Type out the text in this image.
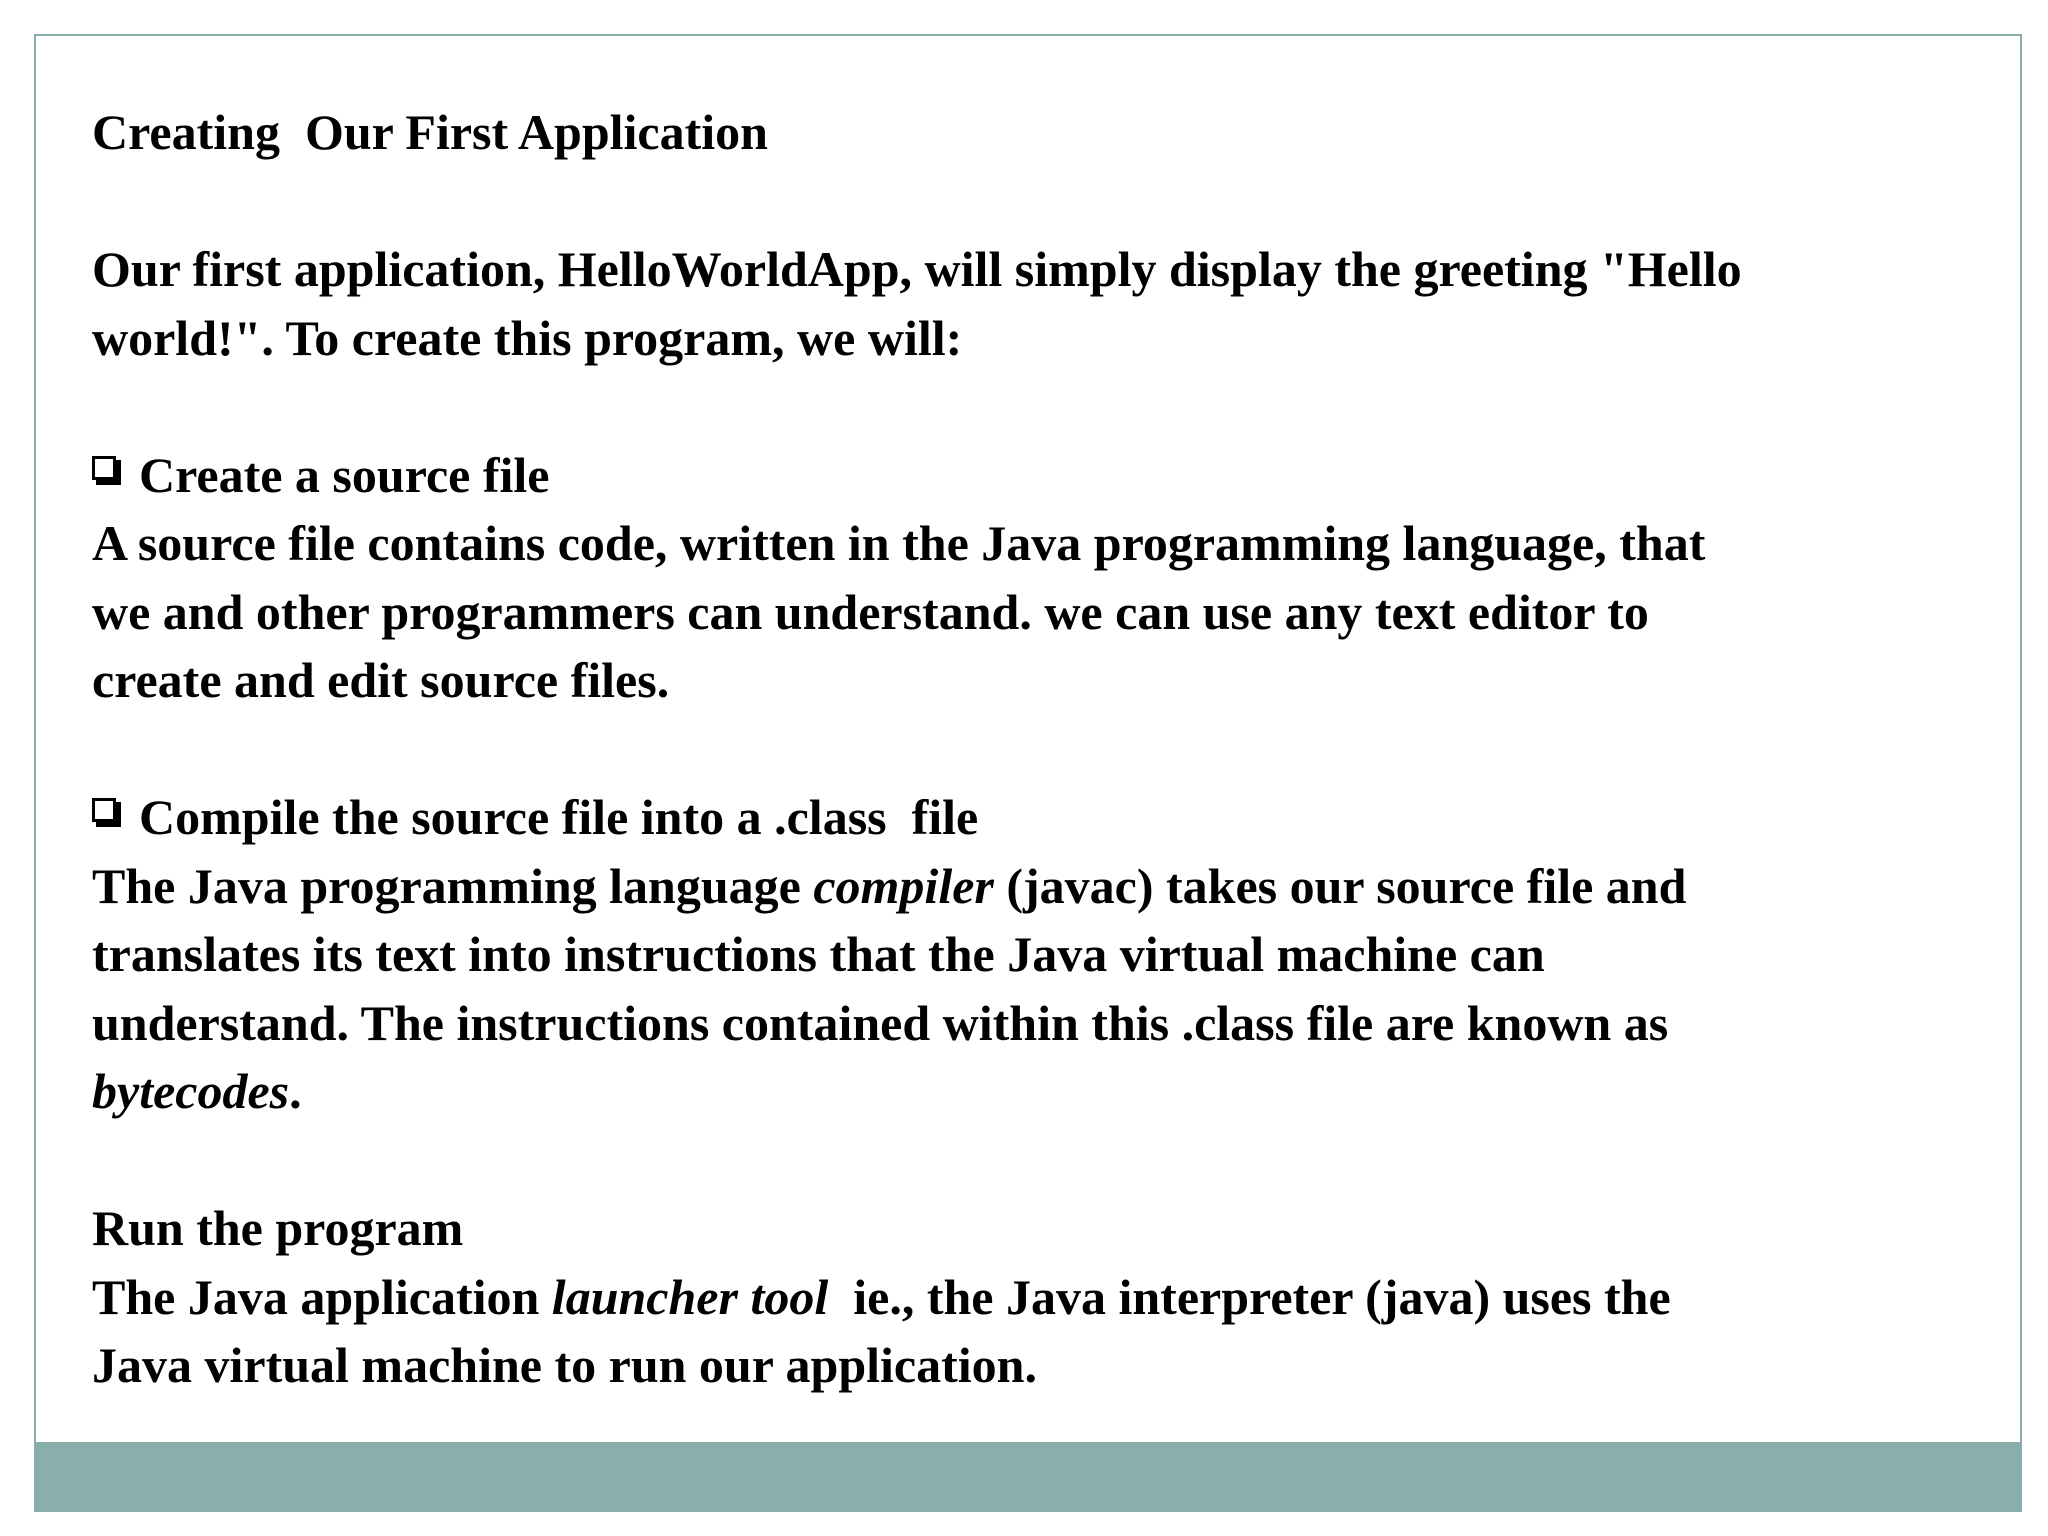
Creating  Our First Application
Our first application, HelloWorldApp, will simply display the greeting "Hello
world!". To create this program, we will:
Create a source file
A source file contains code, written in the Java programming language, that
we and other programmers can understand. we can use any text editor to
create and edit source files.
Compile the source file into a .class  file
The Java programming language compiler (javac) takes our source file and
translates its text into instructions that the Java virtual machine can
understand. The instructions contained within this .class file are known as
bytecodes.
Run the program
The Java application launcher tool  ie., the Java interpreter (java) uses the
Java virtual machine to run our application.
